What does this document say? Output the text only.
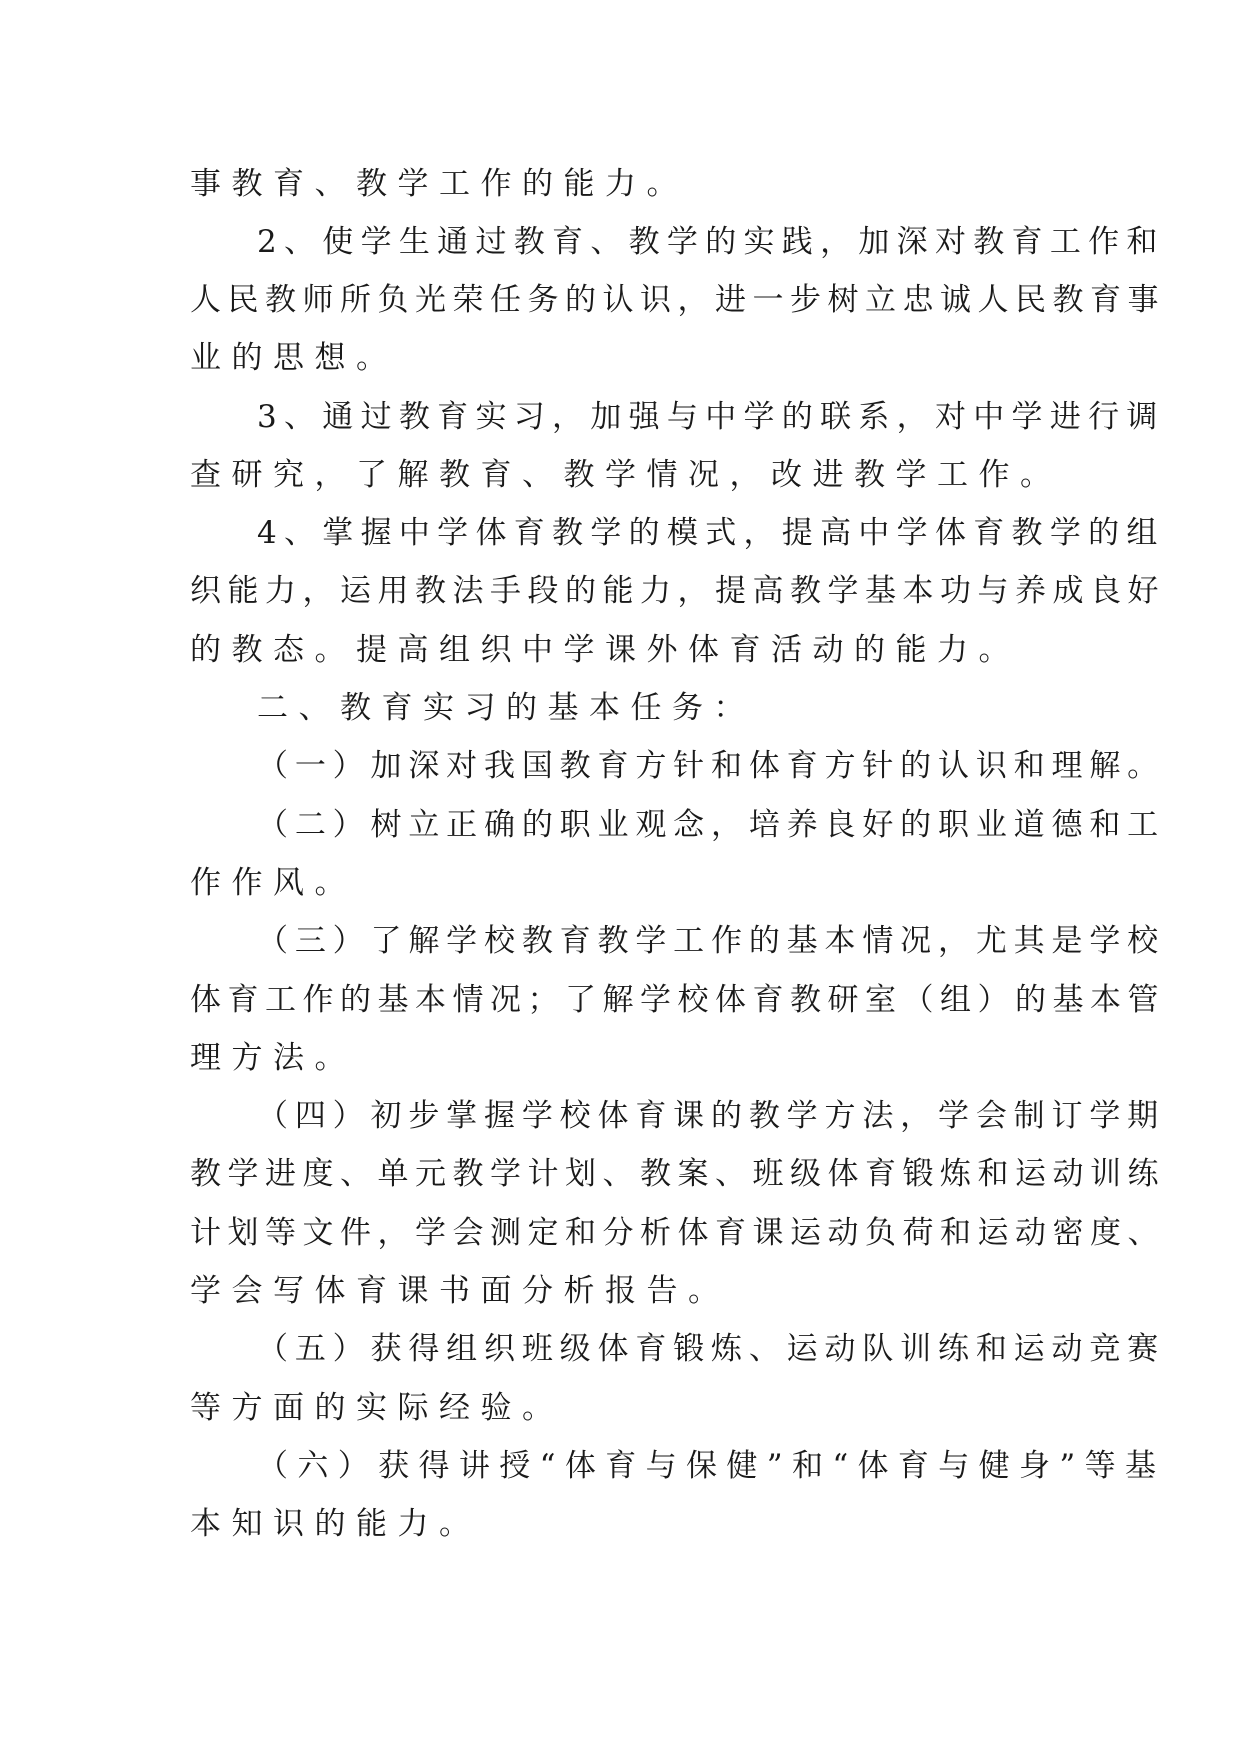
事教育、教学工作的能力。

2、使学生通过教育、教学的实践，加深对教育工作和

人民教师所负光荣任务的认识，进一步树立忠诚人民教育事

业的思想。

3、通过教育实习，加强与中学的联系，对中学进行调

查研究，了解教育、教学情况，改进教学工作。

4、掌握中学体育教学的模式，提高中学体育教学的组

织能力，运用教法手段的能力，提高教学基本功与养成良好

的教态。提高组织中学课外体育活动的能力。

二、教育实习的基本任务：

（一）加深对我国教育方针和体育方针的认识和理解。

（二）树立正确的职业观念，培养良好的职业道德和工

作作风。

（三）了解学校教育教学工作的基本情况，尤其是学校

体育工作的基本情况；了解学校体育教研室（组）的基本管

理方法。

（四）初步掌握学校体育课的教学方法，学会制订学期

教学进度、单元教学计划、教案、班级体育锻炼和运动训练

计划等文件，学会测定和分析体育课运动负荷和运动密度、

学会写体育课书面分析报告。

（五）获得组织班级体育锻炼、运动队训练和运动竞赛

等方面的实际经验。

（六）获得讲授“体育与保健”和“体育与健身”等基

本知识的能力。
